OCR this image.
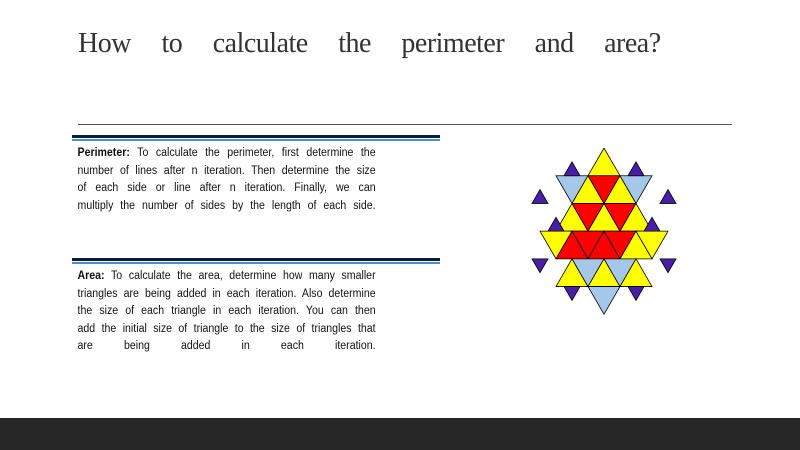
How to calculate the perimeter and area?
Perimeter: To calculate the perimeter, first determine the number of lines after n iteration. Then determine the size of each side or line after n iteration. Finally, we can multiply the number of sides by the length of each side.
Area: To calculate the area, determine how many smaller triangles are being added in each iteration. Also determine the size of each triangle in each iteration. You can then add the initial size of triangle to the size of triangles that are being added in each iteration.
